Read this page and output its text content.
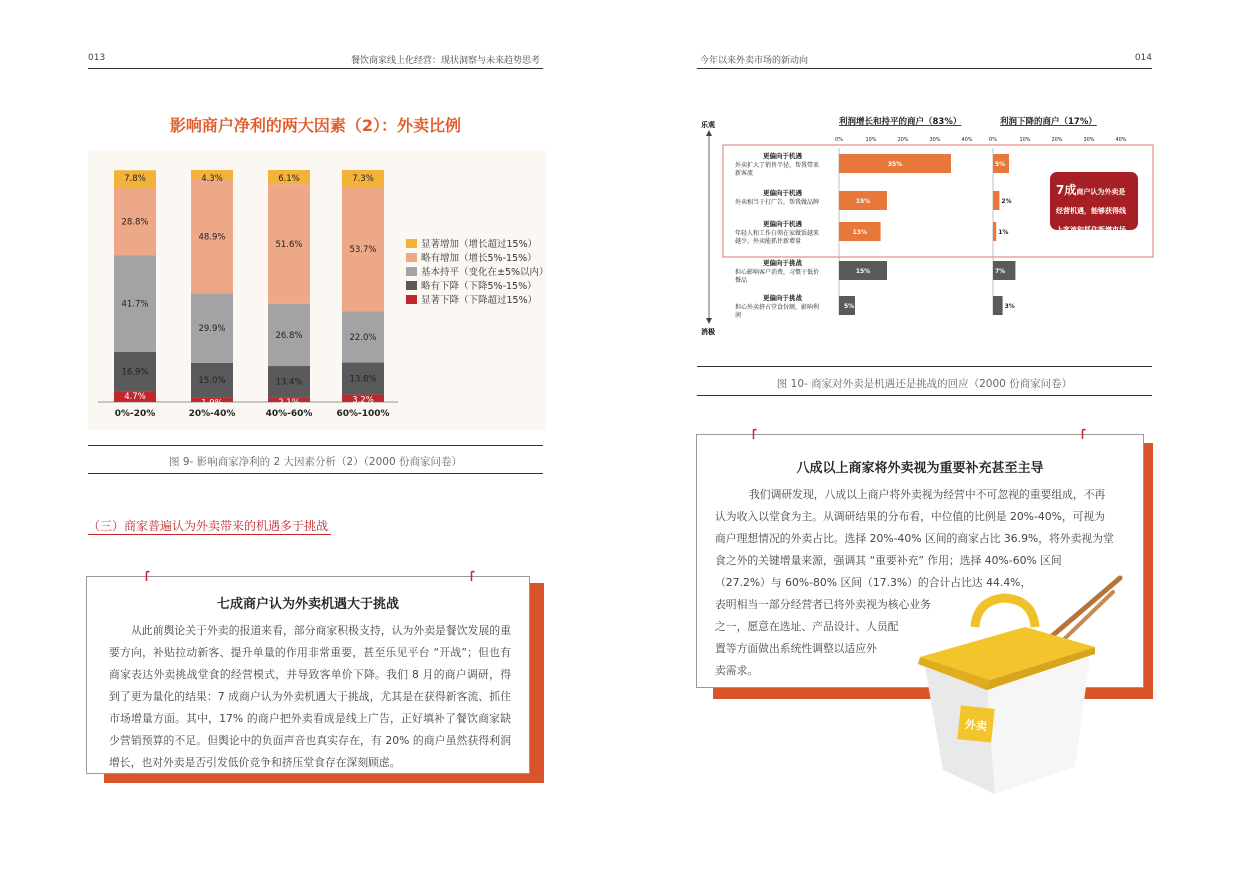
013	餐饮商家线上化经营：现状洞察与未来趋势思考
影响商户净利的两大因素（2）：外卖比例
4.7%
16.9%
41.7%
28.8%
7.8%
1.9%
15.0%
29.9%
48.9%
4.3%
2.1%
13.4%
26.8%
51.6%
6.1%
3.2%
13.8%
22.0%
53.7%
7.3%
0%-20%	20%-40%	40%-60%	60%-100%
显著增加（增长超过15%）
略有增加（增长5%-15%）
基本持平（变化在±5%以内）
略有下降（下降5%-15%）
显著下降（下降超过15%）
图 9- 影响商家净利的 2 大因素分析（2）（2000 份商家问卷）
（三）商家普遍认为外卖带来的机遇多于挑战
七成商户认为外卖机遇大于挑战
从此前舆论关于外卖的报道来看，部分商家积极支持，认为外卖是餐饮发展的重要方向，补贴拉动新客、提升单量的作用非常重要，甚至乐见平台 “开战”；但也有商家表达外卖挑战堂食的经营模式，并导致客单价下降。我们 8 月的商户调研，得到了更为量化的结果：7 成商户认为外卖机遇大于挑战，尤其是在获得新客流、抓住市场增量方面。其中，17% 的商户把外卖看成是线上广告，正好填补了餐饮商家缺少营销预算的不足。但舆论中的负面声音也真实存在，有 20% 的商户虽然获得利润增长，也对外卖是否引发低价竞争和挤压堂食存在深刻顾虑。
今年以来外卖市场的新动向	014
乐观
消极
利润增长和持平的商户（83%）	利润下降的商户（17%）
0%	10%	20%	30%	40%	0%	10%	20%	30%	40%
更偏向于机遇
外卖扩大了销售半径，帮我带来
新客流
35%	5%
更偏向于机遇
外卖相当于打广告，帮我做品牌	15%	2%
更偏向于机遇
年轻人和工作白领在家做饭越来
越少，外卖能抓住新增量
13%	1%
更偏向于挑战
担心影响客户消费，习惯于低价
餐品
15%	7%
更偏向于挑战
担心外卖挤占堂食份额，影响利
润
5%	3%
7成商户认为外卖是经营机遇，能够获得线上客流和抓住新增市场
图 10- 商家对外卖是机遇还是挑战的回应（2000 份商家问卷）
八成以上商家将外卖视为重要补充甚至主导
我们调研发现，八成以上商户将外卖视为经营中不可忽视的重要组成，不再
认为收入以堂食为主。从调研结果的分布看，中位值的比例是 20%-40%，可视为
商户理想情况的外卖占比。选择 20%-40% 区间的商家占比 36.9%，将外卖视为堂
食之外的关键增量来源，强调其 “重要补充” 作用；选择 40%-60% 区间
（27.2%）与 60%-80% 区间（17.3%）的合计占比达 44.4%，
表明相当一部分经营者已将外卖视为核心业务
之一，愿意在选址、产品设计、人员配
置等方面做出系统性调整以适应外
卖需求。
外卖
